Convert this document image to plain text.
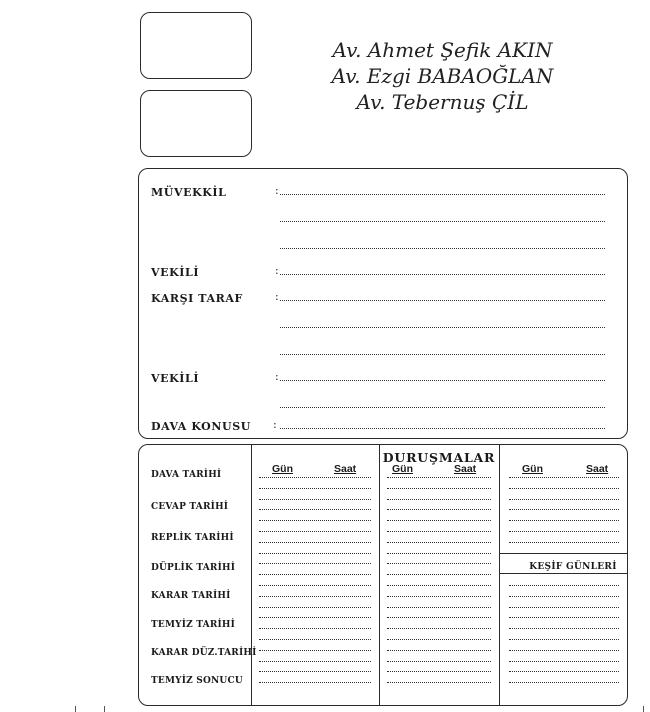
Av. Ahmet Şefik AKIN
Av. Ezgi BABAOĞLAN
Av. Tebernuş ÇİL
MÜVEKKİL	:
VEKİLİ	:
KARŞI TARAF	:
VEKİLİ	:
DAVA KONUSU :
DURUŞMALAR
Gün	Saat	Gün	Saat	Gün	Saat
DAVA TARİHİ
CEVAP TARİHİ
REPLİK TARİHİ
DÜPLİK TARİHİ
KARAR TARİHİ
TEMYİZ TARİHİ
KARAR DÜZ.TARİHİ
TEMYİZ SONUCU
KEŞİF GÜNLERİ
